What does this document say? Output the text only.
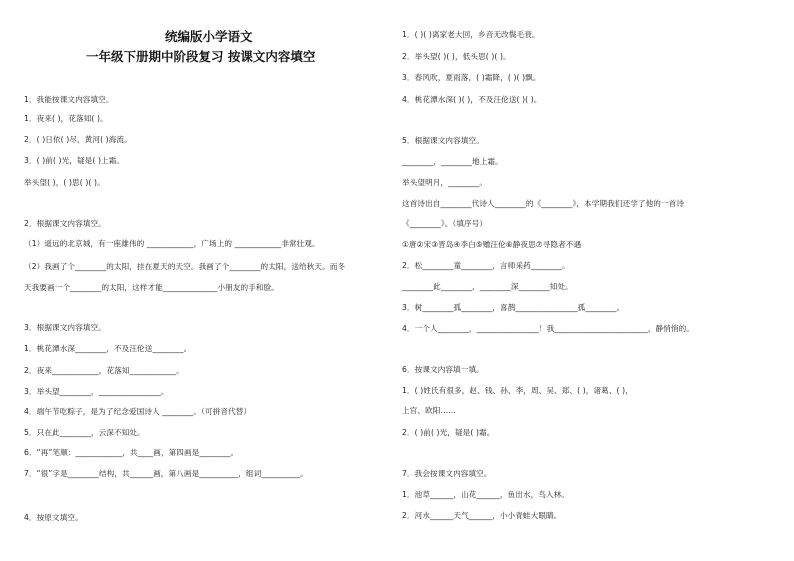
统编版小学语文
一年级下册期中阶段复习 按课文内容填空
1．我能按课文内容填空。
1．夜来( )，花落知( )。
2．( )日依( )尽，黄河( )海流。
3．( )前( )光，疑是( )上霜。
举头望( )，( )思( )( )。
2．根据课文内容填空。
（1）遥远的北京城，有一座雄伟的 ____________，广场上的 ____________非常壮观。
（2）我画了个________的太阳，挂在夏天的天空。我画了个________的太阳，送给秋天。而冬
天我要画一个________的太阳，这样才能______________小朋友的手和脸。
3．根据课文内容填空。
1．桃花潭水深________，不及汪伦送________。
2．夜来____________，花落知____________。
3．举头望________，________________。
4．端午节吃粽子，是为了纪念爱国诗人 ________。（可拼音代替）
5．只在此________，云深不知处。
6．“再”笔顺：____________，共____画，第四画是________。
7．“很”字是________结构，共______画，第八画是__________，组词__________。
4．按原文填空。
1．( )( )离家老大回，乡音无改鬓毛衰。
2．举头望( )( )，低头思( )( )。
3．春风吹，夏雨落，( )霜降，( )( )飘。
4．桃花潭水深( )( )，不及汪伦送( )( )。
5．根据课文内容填空。
________，________地上霜。
举头望明月，________。
这首诗出自________代诗人________的《________》，本学期我们还学了他的一首诗
《________》。（填序号）
①唐②宋③晋岛④李白⑤赠汪伦⑥静夜思⑦寻隐者不遇
2．松________童________，言师采药________。
________此________，________深________知处。
3．树________孤________，喜鹊________________孤________。
4．一个人________，________________！我________________________，静悄悄的。
6．按课文内容填一填。
1．( )姓氏有很多，赵、钱、孙、李，周、吴、郑、( )，诸葛、( )，
上官、欧阳……
2．( )前( )光，疑是( )霜。
7．我会按课文内容填空。
1．池草______，山花______，鱼出水，鸟入林。
2．河水______天气______，小小青蛙大眼睛。
